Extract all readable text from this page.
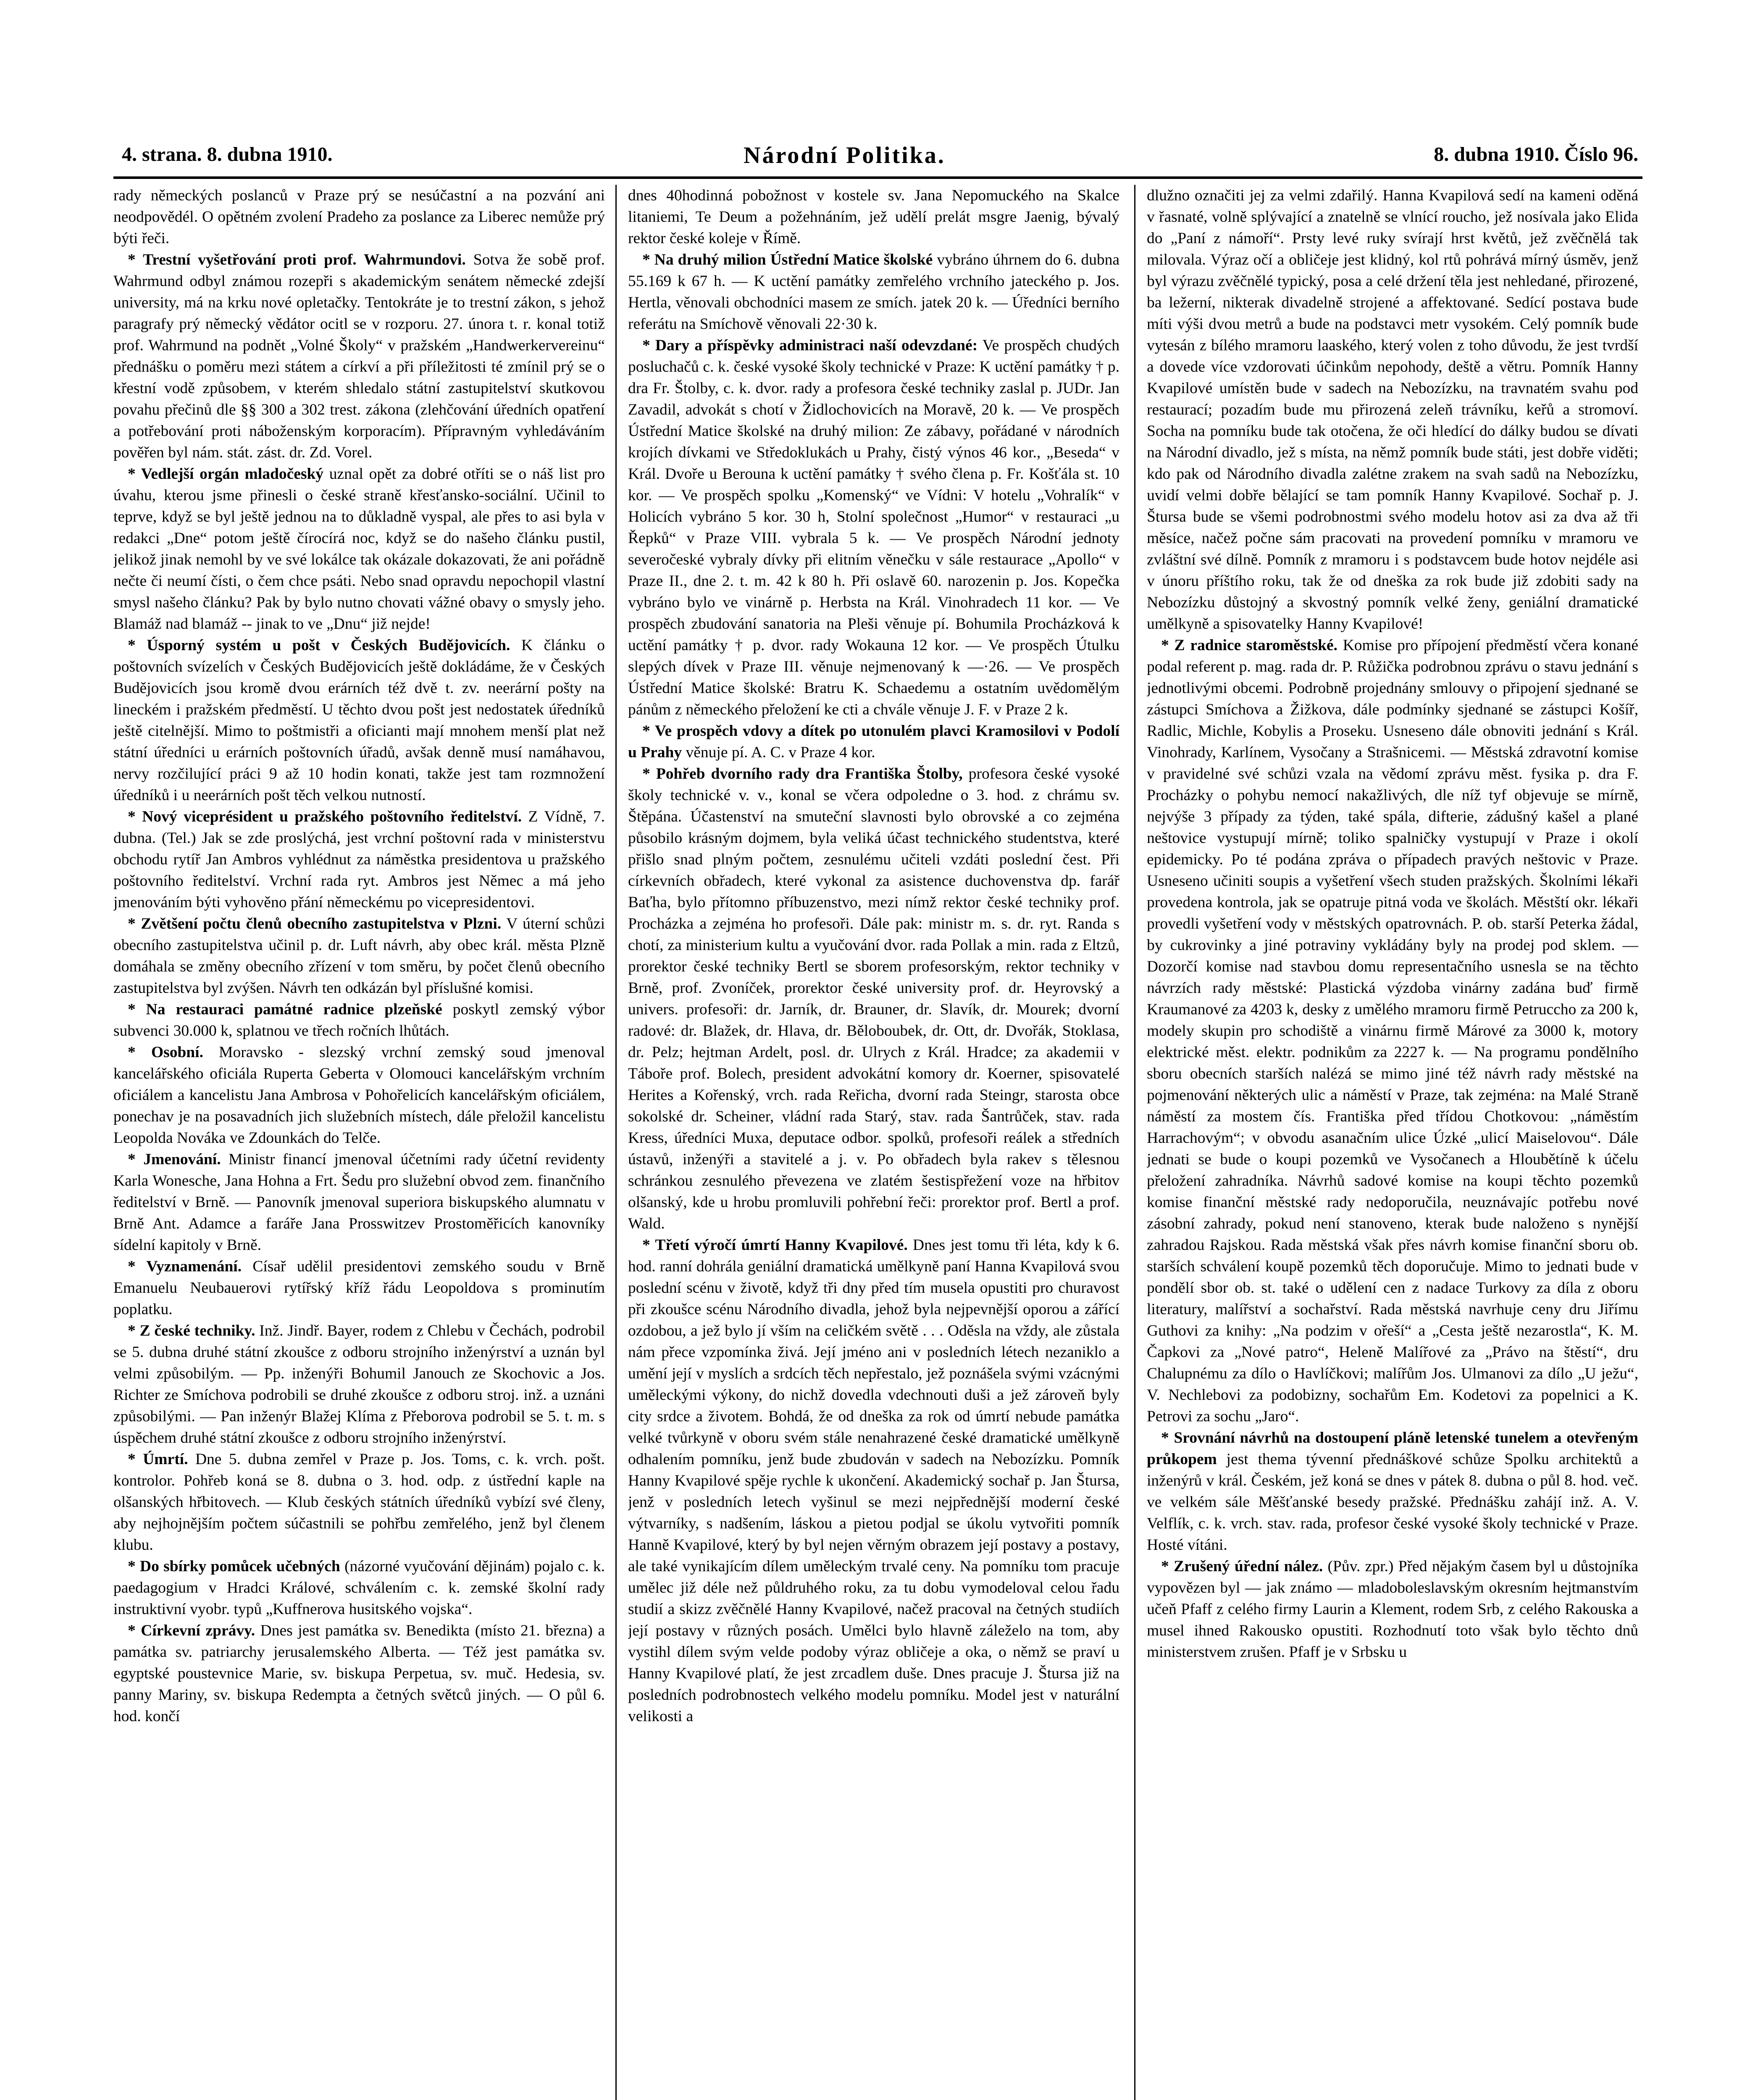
4. strana. 8. dubna 1910.	Národní Politika.	8. dubna 1910. Číslo 96.

rady německých poslanců v Praze prý se nesúčastní a na pozvání ani neodpovědél. O opětném zvolení Pradeho za poslance za Liberec nemůže prý býti řeči.

* Trestní vyšetřování proti prof. Wahrmundovi. Sotva že sobě prof. Wahrmund odbyl známou rozepři s akademickým senátem německé zdejší university, má na krku nové opletačky. Tentokráte je to trestní zákon, s jehož paragrafy prý německý vědátor ocitl se v rozporu. 27. února t. r. konal totiž prof. Wahrmund na podnět „Volné Školy“ v pražském „Handwerkervereinu“ přednášku o poměru mezi státem a církví a při příležitosti té zmínil prý se o křestní vodě způsobem, v kterém shledalo státní zastupitelství skutkovou povahu přečinů dle §§ 300 a 302 trest. zákona (zlehčování úředních opatření a potřebování proti náboženským korporacím). Přípravným vyhledáváním pověřen byl nám. stát. zást. dr. Zd. Vorel.

* Vedlejší orgán mladočeský uznal opět za dobré otříti se o náš list pro úvahu, kterou jsme přinesli o české straně křesťansko-sociální. Učinil to teprve, když se byl ještě jednou na to důkladně vyspal, ale přes to asi byla v redakci „Dne“ potom ještě čírocírá noc, když se do našeho článku pustil, jelikož jinak nemohl by ve své lokálce tak okázale dokazovati, že ani pořádně nečte či neumí čísti, o čem chce psáti. Nebo snad opravdu nepochopil vlastní smysl našeho článku? Pak by bylo nutno chovati vážné obavy o smysly jeho. Blamáž nad blamáž -- jinak to ve „Dnu“ již nejde!

* Úsporný systém u pošt v Českých Budějovicích. K článku o poštovních svízelích v Českých Budějovicích ještě dokládáme, že v Českých Budějovicích jsou kromě dvou erárních též dvě t. zv. neerární pošty na lineckém i pražském předměstí. U těchto dvou pošt jest nedostatek úředníků ještě citelnější. Mimo to poštmistři a oficianti mají mnohem menší plat než státní úředníci u erárních poštovních úřadů, avšak denně musí namáhavou, nervy rozčilující práci 9 až 10 hodin konati, takže jest tam rozmnožení úředníků i u neerárních pošt těch velkou nutností.

* Nový viceprésident u pražského poštovního ředitelství. Z Vídně, 7. dubna. (Tel.) Jak se zde proslýchá, jest vrchní poštovní rada v ministerstvu obchodu rytíř Jan Ambros vyhlédnut za náměstka presidentova u pražského poštovního ředitelství. Vrchní rada ryt. Ambros jest Němec a má jeho jmenováním býti vyhověno přání německému po vicepresidentovi.

* Zvětšení počtu členů obecního zastupitelstva v Plzni. V úterní schůzi obecního zastupitelstva učinil p. dr. Luft návrh, aby obec král. města Plzně domáhala se změny obecního zřízení v tom směru, by počet členů obecního zastupitelstva byl zvýšen. Návrh ten odkázán byl příslušné komisi.

* Na restauraci památné radnice plzeňské poskytl zemský výbor subvenci 30.000 k, splatnou ve třech ročních lhůtách.

* Osobní. Moravsko - slezský vrchní zemský soud jmenoval kancelářského oficiála Ruperta Geberta v Olomouci kancelářským vrchním oficiálem a kancelistu Jana Ambrosa v Pohořelicích kancelářským oficiálem, ponechav je na posavadních jich služebních místech, dále přeložil kancelistu Leopolda Nováka ve Zdounkách do Telče.

* Jmenování. Ministr financí jmenoval účetními rady účetní revidenty Karla Wonesche, Jana Hohna a Frt. Šedu pro služební obvod zem. finančního ředitelství v Brně. — Panovník jmenoval superiora biskupského alumnatu v Brně Ant. Adamce a faráře Jana Prosswitzev Prostoměřicích kanovníky sídelní kapitoly v Brně.

* Vyznamenání. Císař udělil presidentovi zemského soudu v Brně Emanuelu Neubauerovi rytířský kříž řádu Leopoldova s prominutím poplatku.

* Z české techniky. Inž. Jindř. Bayer, rodem z Chlebu v Čechách, podrobil se 5. dubna druhé státní zkoušce z odboru strojního inženýrství a uznán byl velmi způsobilým. — Pp. inženýři Bohumil Janouch ze Skochovic a Jos. Richter ze Smíchova podrobili se druhé zkoušce z odboru stroj. inž. a uznáni způsobilými. — Pan inženýr Blažej Klíma z Přeborova podrobil se 5. t. m. s úspěchem druhé státní zkoušce z odboru strojního inženýrství.

* Úmrtí. Dne 5. dubna zemřel v Praze p. Jos. Toms, c. k. vrch. pošt. kontrolor. Pohřeb koná se 8. dubna o 3. hod. odp. z ústřední kaple na olšanských hřbitovech. — Klub českých státních úředníků vybízí své členy, aby nejhojnějším počtem súčastnili se pohřbu zemřelého, jenž byl členem klubu.

* Do sbírky pomůcek učebných (názorné vyučování dějinám) pojalo c. k. paedagogium v Hradci Králové, schválením c. k. zemské školní rady instruktivní vyobr. typů „Kuffnerova husitského vojska“.

* Církevní zprávy. Dnes jest památka sv. Benedikta (místo 21. března) a památka sv. patriarchy jerusalemského Alberta. — Též jest památka sv. egyptské poustevnice Marie, sv. biskupa Perpetua, sv. muč. Hedesia, sv. panny Mariny, sv. biskupa Redempta a četných světců jiných. — O půl 6. hod. končí

dnes 40hodinná pobožnost v kostele sv. Jana Nepomuckého na Skalce litaniemi, Te Deum a požehnáním, jež udělí prelát msgre Jaenig, bývalý rektor české koleje v Římě.

* Na druhý milion Ústřední Matice školské vybráno úhrnem do 6. dubna 55.169 k 67 h. — K uctění památky zemřelého vrchního jateckého p. Jos. Hertla, věnovali obchodníci masem ze smích. jatek 20 k. — Úředníci berního referátu na Smíchově věnovali 22·30 k.

* Dary a příspěvky administraci naší odevzdané: Ve prospěch chudých posluchačů c. k. české vysoké školy technické v Praze: K uctění památky † p. dra Fr. Štolby, c. k. dvor. rady a profesora české techniky zaslal p. JUDr. Jan Zavadil, advokát s chotí v Židlochovicích na Moravě, 20 k. — Ve prospěch Ústřední Matice školské na druhý milion: Ze zábavy, pořádané v národních krojích dívkami ve Středoklukách u Prahy, čistý výnos 46 kor., „Beseda“ v Král. Dvoře u Berouna k uctění památky † svého člena p. Fr. Košťála st. 10 kor. — Ve prospěch spolku „Komenský“ ve Vídni: V hotelu „Vohralík“ v Holicích vybráno 5 kor. 30 h, Stolní společnost „Humor“ v restauraci „u Řepků“ v Praze VIII. vybrala 5 k. — Ve prospěch Národní jednoty severočeské vybraly dívky při elitním věnečku v sále restaurace „Apollo“ v Praze II., dne 2. t. m. 42 k 80 h. Při oslavě 60. narozenin p. Jos. Kopečka vybráno bylo ve vinárně p. Herbsta na Král. Vinohradech 11 kor. — Ve prospěch zbudování sanatoria na Pleši věnuje pí. Bohumila Procházková k uctění památky † p. dvor. rady Wokauna 12 kor. — Ve prospěch Útulku slepých dívek v Praze III. věnuje nejmenovaný k —·26. — Ve prospěch Ústřední Matice školské: Bratru K. Schaedemu a ostatním uvědomělým pánům z německého přeložení ke cti a chvále věnuje J. F. v Praze 2 k.

* Ve prospěch vdovy a dítek po utonulém plavci Kramosilovi v Podolí u Prahy věnuje pí. A. C. v Praze 4 kor.

* Pohřeb dvorního rady dra Františka Štolby, profesora české vysoké školy technické v. v., konal se včera odpoledne o 3. hod. z chrámu sv. Štěpána. Účastenství na smuteční slavnosti bylo obrovské a co zejména působilo krásným dojmem, byla veliká účast technického studentstva, které přišlo snad plným počtem, zesnulému učiteli vzdáti poslední čest. Při církevních obřadech, které vykonal za asistence duchovenstva dp. farář Baťha, bylo přítomno příbuzenstvo, mezi nímž rektor české techniky prof. Procházka a zejména ho profesoři. Dále pak: ministr m. s. dr. ryt. Randa s chotí, za ministerium kultu a vyučování dvor. rada Pollak a min. rada z Eltzů, prorektor české techniky Bertl se sborem profesorským, rektor techniky v Brně, prof. Zvoníček, prorektor české university prof. dr. Heyrovský a univers. profesoři: dr. Jarník, dr. Brauner, dr. Slavík, dr. Mourek; dvorní radové: dr. Blažek, dr. Hlava, dr. Běloboubek, dr. Ott, dr. Dvořák, Stoklasa, dr. Pelz; hejtman Ardelt, posl. dr. Ulrych z Král. Hradce; za akademii v Táboře prof. Bolech, president advokátní komory dr. Koerner, spisovatelé Herites a Kořenský, vrch. rada Reřicha, dvorní rada Steingr, starosta obce sokolské dr. Scheiner, vládní rada Starý, stav. rada Šantrůček, stav. rada Kress, úředníci Muxa, deputace odbor. spolků, profesoři reálek a středních ústavů, inženýři a stavitelé a j. v. Po obřadech byla rakev s tělesnou schránkou zesnulého převezena ve zlatém šestispřežení voze na hřbitov olšanský, kde u hrobu promluvili pohřební řeči: prorektor prof. Bertl a prof. Wald.

* Třetí výročí úmrtí Hanny Kvapilové. Dnes jest tomu tři léta, kdy k 6. hod. ranní dohrála geniální dramatická umělkyně paní Hanna Kvapilová svou poslední scénu v životě, když tři dny před tím musela opustiti pro churavost při zkoušce scénu Národního divadla, jehož byla nejpevnější oporou a zářící ozdobou, a jež bylo jí vším na celičkém světě . . . Oděsla na vždy, ale zůstala nám přece vzpomínka živá. Její jméno ani v posledních létech nezaniklo a umění její v myslích a srdcích těch nepřestalo, jež poznášela svými vzácnými uměleckými výkony, do nichž dovedla vdechnouti duši a jež zároveň byly city srdce a životem. Bohdá, že od dneška za rok od úmrtí nebude památka velké tvůrkyně v oboru svém stále nenahrazené české dramatické umělkyně odhalením pomníku, jenž bude zbudován v sadech na Nebozízku. Pomník Hanny Kvapilové spěje rychle k ukončení. Akademický sochař p. Jan Štursa, jenž v posledních letech vyšinul se mezi nejpřednější moderní české výtvarníky, s nadšením, láskou a pietou podjal se úkolu vytvořiti pomník Hanně Kvapilové, který by byl nejen věrným obrazem její postavy a postavy, ale také vynikajícím dílem uměleckým trvalé ceny. Na pomníku tom pracuje umělec již déle než půldruhého roku, za tu dobu vymodeloval celou řadu studií a skizz zvěčnělé Hanny Kvapilové, načež pracoval na četných studiích její postavy v různých posách. Umělci bylo hlavně záleželo na tom, aby vystihl dílem svým velde podoby výraz obličeje a oka, o němž se praví u Hanny Kvapilové platí, že jest zrcadlem duše. Dnes pracuje J. Štursa již na posledních podrobnostech velkého modelu pomníku. Model jest v naturální velikosti a

dlužno označiti jej za velmi zdařilý. Hanna Kvapilová sedí na kameni oděná v řasnaté, volně splývající a znatelně se vlnící roucho, jež nosívala jako Elida do „Paní z námoří“. Prsty levé ruky svírají hrst květů, jež zvěčnělá tak milovala. Výraz očí a obličeje jest klidný, kol rtů pohrává mírný úsměv, jenž byl výrazu zvěčnělé typický, posa a celé držení těla jest nehledané, přirozené, ba ležerní, nikterak divadelně strojené a affektované. Sedící postava bude míti výši dvou metrů a bude na podstavci metr vysokém. Celý pomník bude vytesán z bílého mramoru laaského, který volen z toho důvodu, že jest tvrdší a dovede více vzdorovati účinkům nepohody, deště a větru. Pomník Hanny Kvapilové umístěn bude v sadech na Nebozízku, na travnatém svahu pod restaurací; pozadím bude mu přirozená zeleň trávníku, keřů a stromoví. Socha na pomníku bude tak otočena, že oči hledící do dálky budou se dívati na Národní divadlo, jež s místa, na němž pomník bude státi, jest dobře viděti; kdo pak od Národního divadla zalétne zrakem na svah sadů na Nebozízku, uvidí velmi dobře bělající se tam pomník Hanny Kvapilové. Sochař p. J. Štursa bude se všemi podrobnostmi svého modelu hotov asi za dva až tři měsíce, načež počne sám pracovati na provedení pomníku v mramoru ve zvláštní své dílně. Pomník z mramoru i s podstavcem bude hotov nejdéle asi v únoru příštího roku, tak že od dneška za rok bude již zdobiti sady na Nebozízku důstojný a skvostný pomník velké ženy, geniální dramatické umělkyně a spisovatelky Hanny Kvapilové!

* Z radnice staroměstské. Komise pro přípojení předměstí včera konané podal referent p. mag. rada dr. P. Růžička podrobnou zprávu o stavu jednání s jednotlivými obcemi. Podrobně projednány smlouvy o připojení sjednané se zástupci Smíchova a Žižkova, dále podmínky sjednané se zástupci Košíř, Radlic, Michle, Kobylis a Proseku. Usneseno dále obnoviti jednání s Král. Vinohrady, Karlínem, Vysočany a Strašnicemi. — Městská zdravotní komise v pravidelné své schůzi vzala na vědomí zprávu měst. fysika p. dra F. Procházky o pohybu nemocí nakažlivých, dle níž tyf objevuje se mírně, nejvýše 3 případy za týden, také spála, difterie, zádušný kašel a plané neštovice vystupují mírně; toliko spalničky vystupují v Praze i okolí epidemicky. Po té podána zpráva o případech pravých neštovic v Praze. Usneseno učiniti soupis a vyšetření všech studen pražských. Školními lékaři provedena kontrola, jak se opatruje pitná voda ve školách. Městští okr. lékaři provedli vyšetření vody v městských opatrovnách. P. ob. starší Peterka žádal, by cukrovinky a jiné potraviny vykládány byly na prodej pod sklem. — Dozorčí komise nad stavbou domu representačního usnesla se na těchto návrzích rady městské: Plastická výzdoba vinárny zadána buď firmě Kraumanové za 4203 k, desky z umělého mramoru firmě Petruccho za 200 k, modely skupin pro schodiště a vinárnu firmě Márové za 3000 k, motory elektrické měst. elektr. podnikům za 2227 k. — Na programu pondělního sboru obecních starších nalézá se mimo jiné též návrh rady městské na pojmenování některých ulic a náměstí v Praze, tak zejména: na Malé Straně náměstí za mostem čís. Františka před třídou Chotkovou: „náměstím Harrachovým“; v obvodu asanačním ulice Úzké „ulicí Maiselovou“. Dále jednati se bude o koupi pozemků ve Vysočanech a Hloubětíně k účelu přeložení zahradníka. Návrhů sadové komise na koupi těchto pozemků komise finanční městské rady nedoporučila, neuznávajíc potřebu nové zásobní zahrady, pokud není stanoveno, kterak bude naloženo s nynější zahradou Rajskou. Rada městská však přes návrh komise finanční sboru ob. starších schválení koupě pozemků těch doporučuje. Mimo to jednati bude v pondělí sbor ob. st. také o udělení cen z nadace Turkovy za díla z oboru literatury, malířství a sochařství. Rada městská navrhuje ceny dru Jiřímu Guthovi za knihy: „Na podzim v ořeší“ a „Cesta ještě nezarostla“, K. M. Čapkovi za „Nové patro“, Heleně Malířové za „Právo na štěstí“, dru Chalupnému za dílo o Havlíčkovi; malířům Jos. Ulmanovi za dílo „U ježu“, V. Nechlebovi za podobizny, sochařům Em. Kodetovi za popelnici a K. Petrovi za sochu „Jaro“.

* Srovnání návrhů na dostoupení pláně letenské tunelem a otevřeným průkopem jest thema tývenní přednáškové schůze Spolku architektů a inženýrů v král. Českém, jež koná se dnes v pátek 8. dubna o půl 8. hod. več. ve velkém sále Měšťanské besedy pražské. Přednášku zahájí inž. A. V. Velflík, c. k. vrch. stav. rada, profesor české vysoké školy technické v Praze. Hosté vítáni.

* Zrušený úřední nález. (Pův. zpr.) Před nějakým časem byl u důstojníka vypovězen byl — jak známo — mladoboleslavským okresním hejtmanstvím učeň Pfaff z celého firmy Laurin a Klement, rodem Srb, z celého Rakouska a musel ihned Rakousko opustiti. Rozhodnutí toto však bylo těchto dnů ministerstvem zrušen. Pfaff je v Srbsku u
